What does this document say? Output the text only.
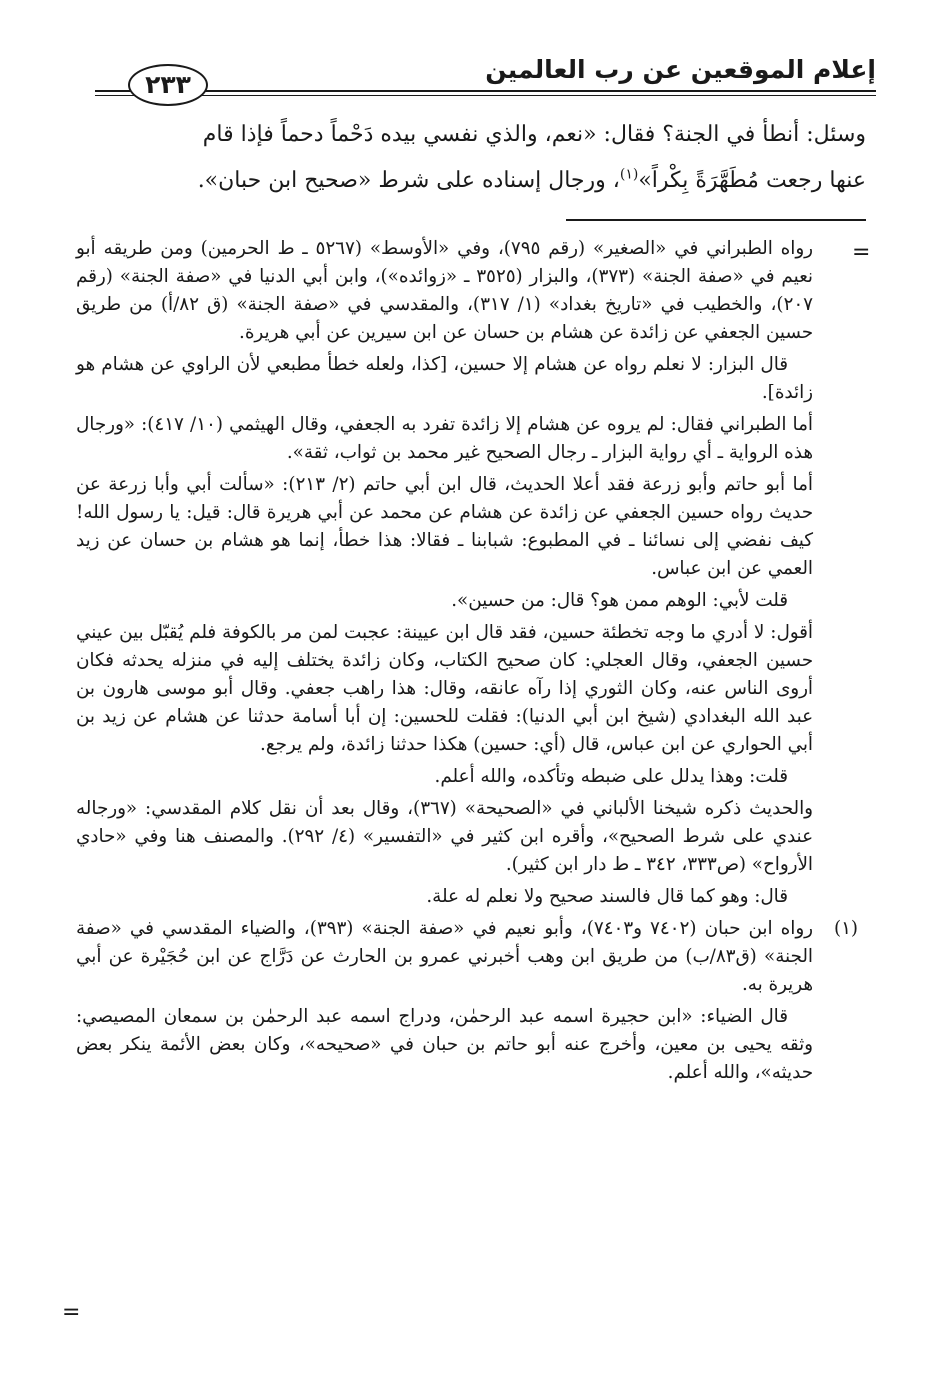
إعلام الموقعين عن رب العالمين
٢٣٣

وسئل: أنطأ في الجنة؟ فقال: «نعم، والذي نفسي بيده دَحْماً دحماً فإذا قام

عنها رجعت مُطَهَّرَةً بِكْراً»$^{(١)}$، ورجال إسناده على شرط «صحيح ابن حبان».

=

رواه الطبراني في «الصغير» (رقم ٧٩٥)، وفي «الأوسط» (٥٢٦٧ ـ ط الحرمين) ومن طريقه أبو نعيم في «صفة الجنة» (٣٧٣)، والبزار (٣٥٢٥ ـ «زوائده»)، وابن أبي الدنيا في «صفة الجنة» (رقم ٢٠٧)، والخطيب في «تاريخ بغداد» (١/ ٣١٧)، والمقدسي في «صفة الجنة» (ق ٨٢/أ) من طريق حسين الجعفي عن زائدة عن هشام بن حسان عن ابن سيرين عن أبي هريرة.

قال البزار: لا نعلم رواه عن هشام إلا حسين، [كذا، ولعله خطأ مطبعي لأن الراوي عن هشام هو زائدة].

أما الطبراني فقال: لم يروه عن هشام إلا زائدة تفرد به الجعفي، وقال الهيثمي (١٠/ ٤١٧): «ورجال هذه الرواية ـ أي رواية البزار ـ رجال الصحيح غير محمد بن ثواب، ثقة».

أما أبو حاتم وأبو زرعة فقد أعلا الحديث، قال ابن أبي حاتم (٢/ ٢١٣): «سألت أبي وأبا زرعة عن حديث رواه حسين الجعفي عن زائدة عن هشام عن محمد عن أبي هريرة قال: قيل: يا رسول الله! كيف نفضي إلى نسائنا ـ في المطبوع: شبابنا ـ فقالا: هذا خطأ، إنما هو هشام بن حسان عن زيد العمي عن ابن عباس.

قلت لأبي: الوهم ممن هو؟ قال: من حسين».

أقول: لا أدري ما وجه تخطئة حسين، فقد قال ابن عيينة: عجبت لمن مر بالكوفة فلم يُقبّل بين عيني حسين الجعفي، وقال العجلي: كان صحيح الكتاب، وكان زائدة يختلف إليه في منزله يحدثه فكان أروى الناس عنه، وكان الثوري إذا رآه عانقه، وقال: هذا راهب جعفي. وقال أبو موسى هارون بن عبد الله البغدادي (شيخ ابن أبي الدنيا): فقلت للحسين: إن أبا أسامة حدثنا عن هشام عن زيد بن أبي الحواري عن ابن عباس، قال (أي: حسين) هكذا حدثنا زائدة، ولم يرجع.

قلت: وهذا يدلل على ضبطه وتأكده، والله أعلم.

والحديث ذكره شيخنا الألباني في «الصحيحة» (٣٦٧)، وقال بعد أن نقل كلام المقدسي: «ورجاله عندي على شرط الصحيح»، وأقره ابن كثير في «التفسير» (٤/ ٢٩٢). والمصنف هنا وفي «حادي الأرواح» (ص٣٣٣، ٣٤٢ ـ ط دار ابن كثير).

قال: وهو كما قال فالسند صحيح ولا نعلم له علة.

(١)

رواه ابن حبان (٧٤٠٢ و٧٤٠٣)، وأبو نعيم في «صفة الجنة» (٣٩٣)، والضياء المقدسي في «صفة الجنة» (ق٨٣/ب) من طريق ابن وهب أخبرني عمرو بن الحارث عن دَرَّاج عن ابن حُجَيْرة عن أبي هريرة به.

قال الضياء: «ابن حجيرة اسمه عبد الرحمٰن، ودراج اسمه عبد الرحمٰن بن سمعان المصيصي: وثقه يحيى بن معين، وأخرج عنه أبو حاتم بن حبان في «صحيحه»، وكان بعض الأئمة ينكر بعض حديثه»، والله أعلم.

=
